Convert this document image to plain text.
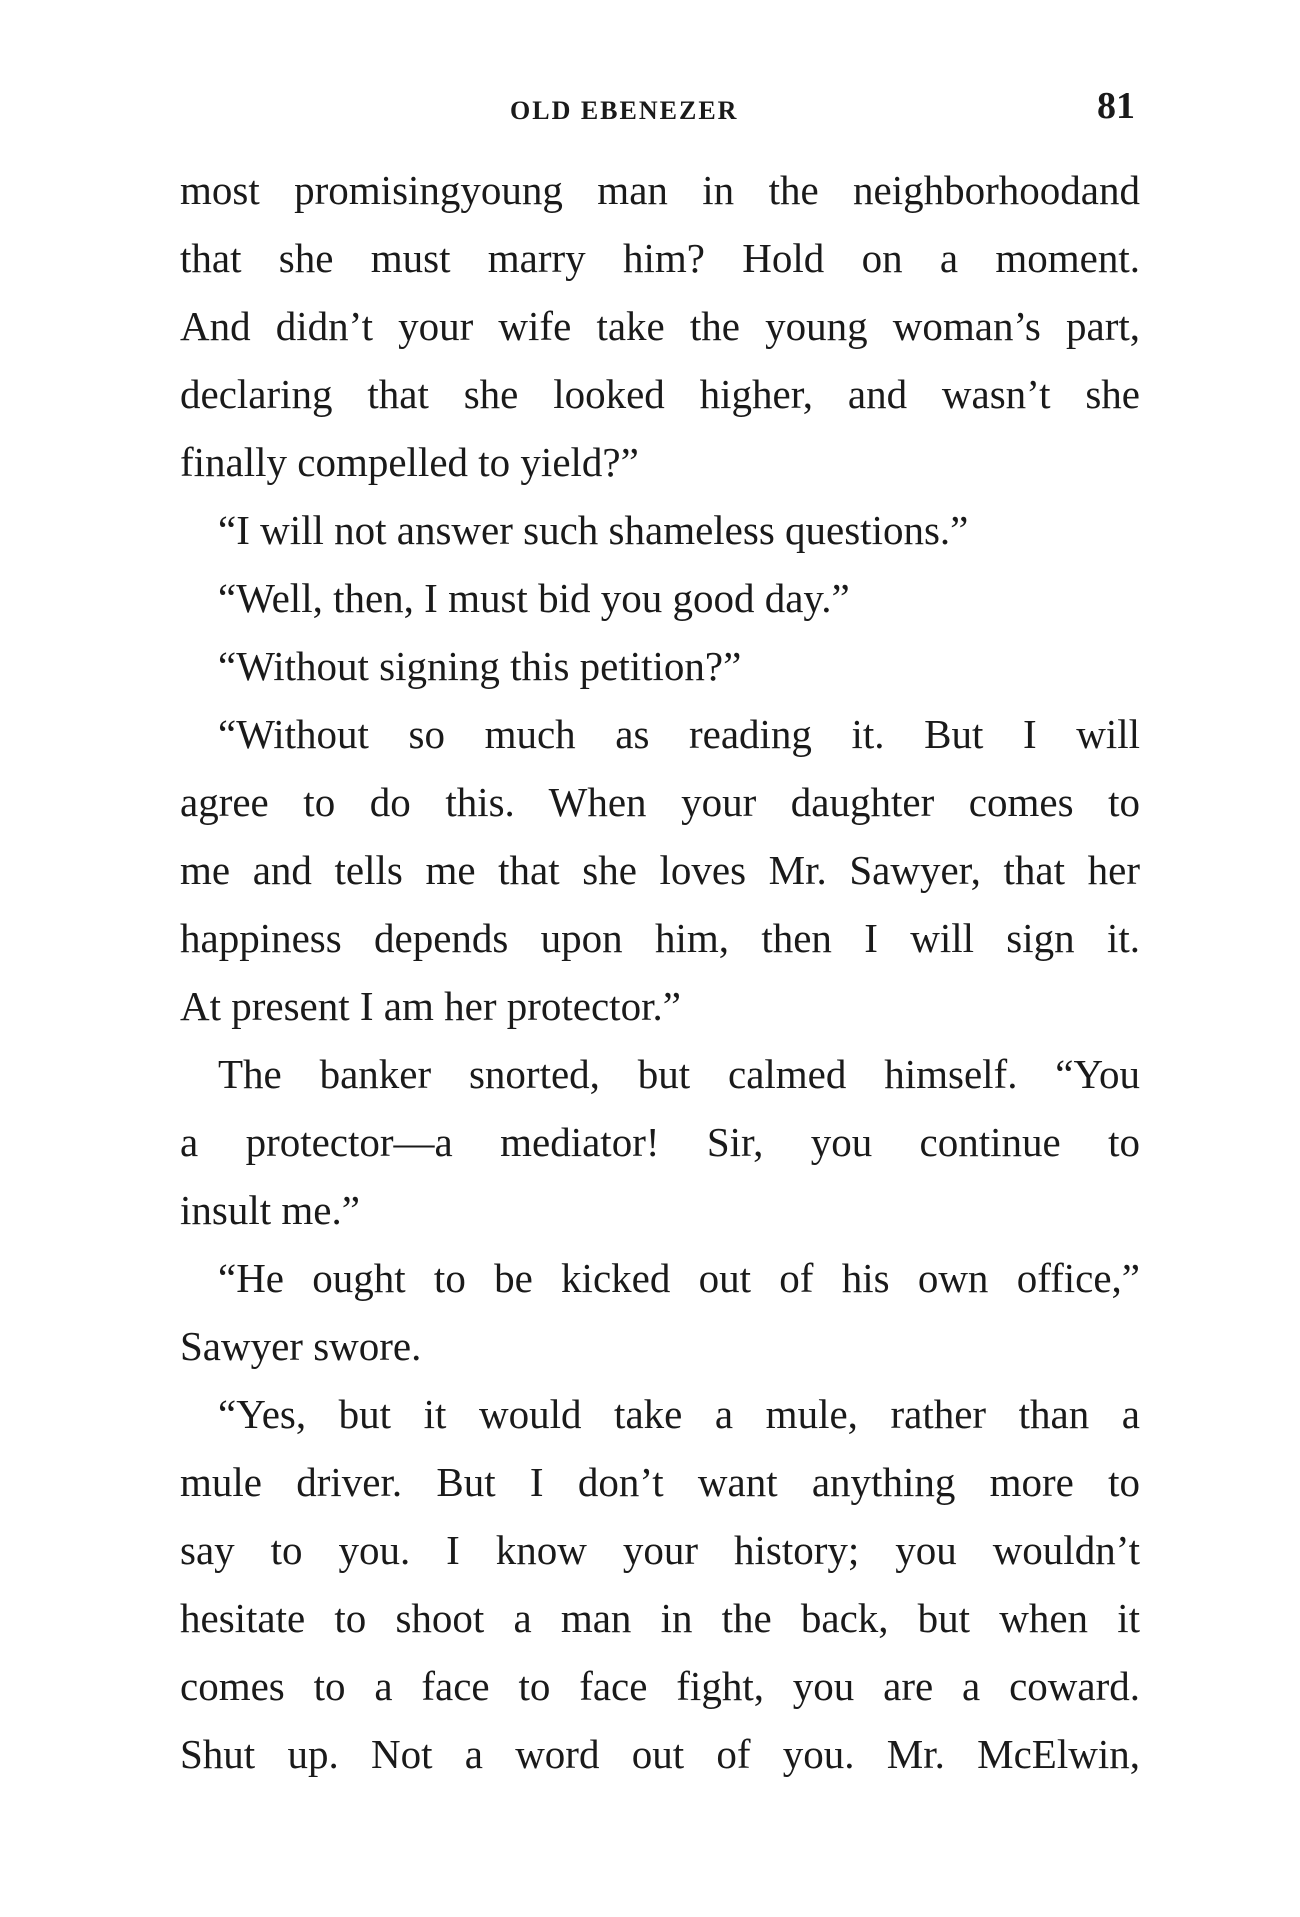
OLD EBENEZER	81
most promisingyoung man in the neighborhoodand
that she must marry him? Hold on a moment.
And didn’t your wife take the young woman’s part,
declaring that she looked higher, and wasn’t she
finally compelled to yield?”
“I will not answer such shameless questions.”
“Well, then, I must bid you good day.”
“Without signing this petition?”
“Without so much as reading it. But I will
agree to do this. When your daughter comes to
me and tells me that she loves Mr. Sawyer, that her
happiness depends upon him, then I will sign it.
At present I am her protector.”
The banker snorted, but calmed himself. “You
a protector—a mediator! Sir, you continue to
insult me.”
“He ought to be kicked out of his own office,”
Sawyer swore.
“Yes, but it would take a mule, rather than a
mule driver. But I don’t want anything more to
say to you. I know your history; you wouldn’t
hesitate to shoot a man in the back, but when it
comes to a face to face fight, you are a coward.
Shut up. Not a word out of you. Mr. McElwin,
